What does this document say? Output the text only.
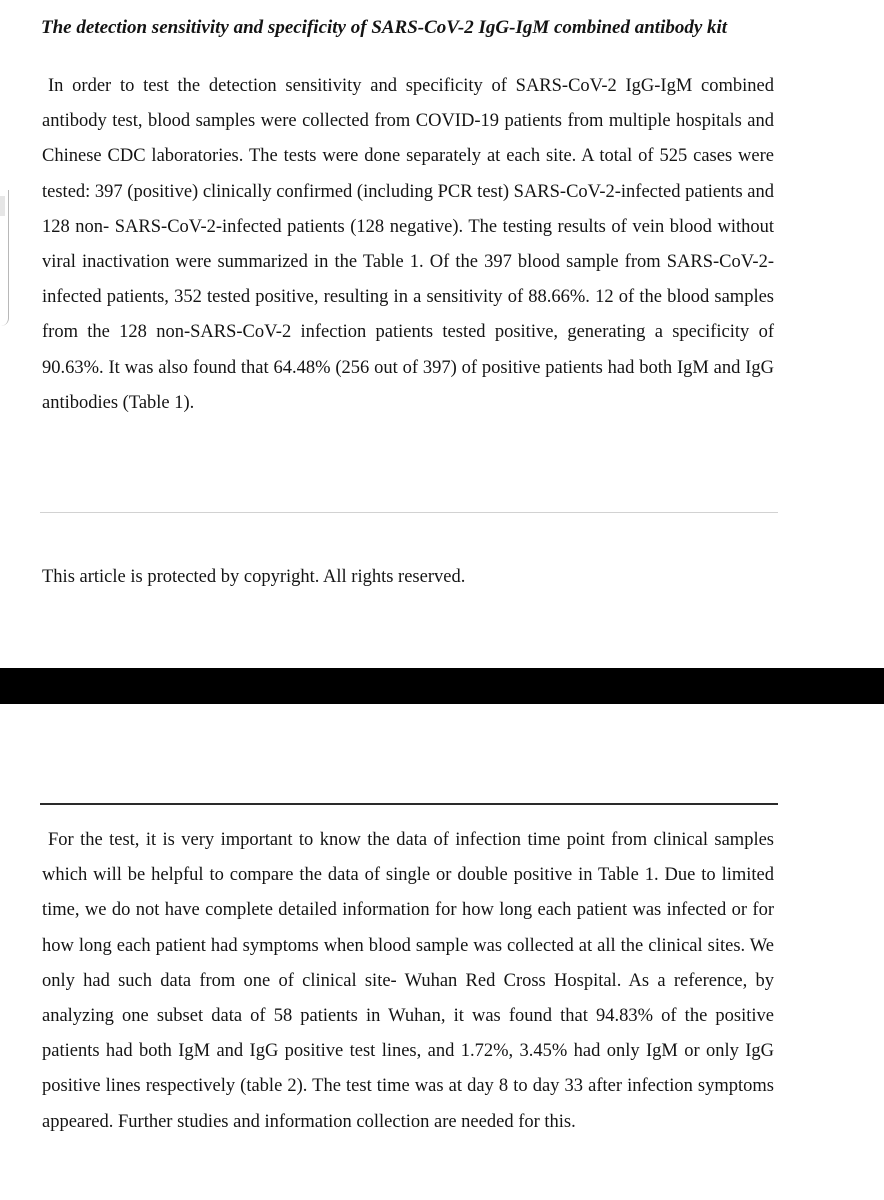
The detection sensitivity and specificity of SARS-CoV-2 IgG-IgM combined antibody kit

In order to test the detection sensitivity and specificity of SARS-CoV-2 IgG-IgM combined antibody test, blood samples were collected from COVID-19 patients from multiple hospitals and Chinese CDC laboratories. The tests were done separately at each site. A total of 525 cases were tested: 397 (positive) clinically confirmed (including PCR test) SARS-CoV-2-infected patients and 128 non- SARS-CoV-2-infected patients (128 negative). The testing results of vein blood without viral inactivation were summarized in the Table 1. Of the 397 blood sample from SARS-CoV-2-infected patients, 352 tested positive, resulting in a sensitivity of 88.66%. 12 of the blood samples from the 128 non-SARS-CoV-2 infection patients tested positive, generating a specificity of 90.63%. It was also found that 64.48% (256 out of 397) of positive patients had both IgM and IgG antibodies (Table 1).

This article is protected by copyright. All rights reserved.

For the test, it is very important to know the data of infection time point from clinical samples which will be helpful to compare the data of single or double positive in Table 1. Due to limited time, we do not have complete detailed information for how long each patient was infected or for how long each patient had symptoms when blood sample was collected at all the clinical sites. We only had such data from one of clinical site- Wuhan Red Cross Hospital. As a reference, by analyzing one subset data of 58 patients in Wuhan, it was found that 94.83% of the positive patients had both IgM and IgG positive test lines, and 1.72%, 3.45% had only IgM or only IgG positive lines respectively (table 2). The test time was at day 8 to day 33 after infection symptoms appeared. Further studies and information collection are needed for this.
